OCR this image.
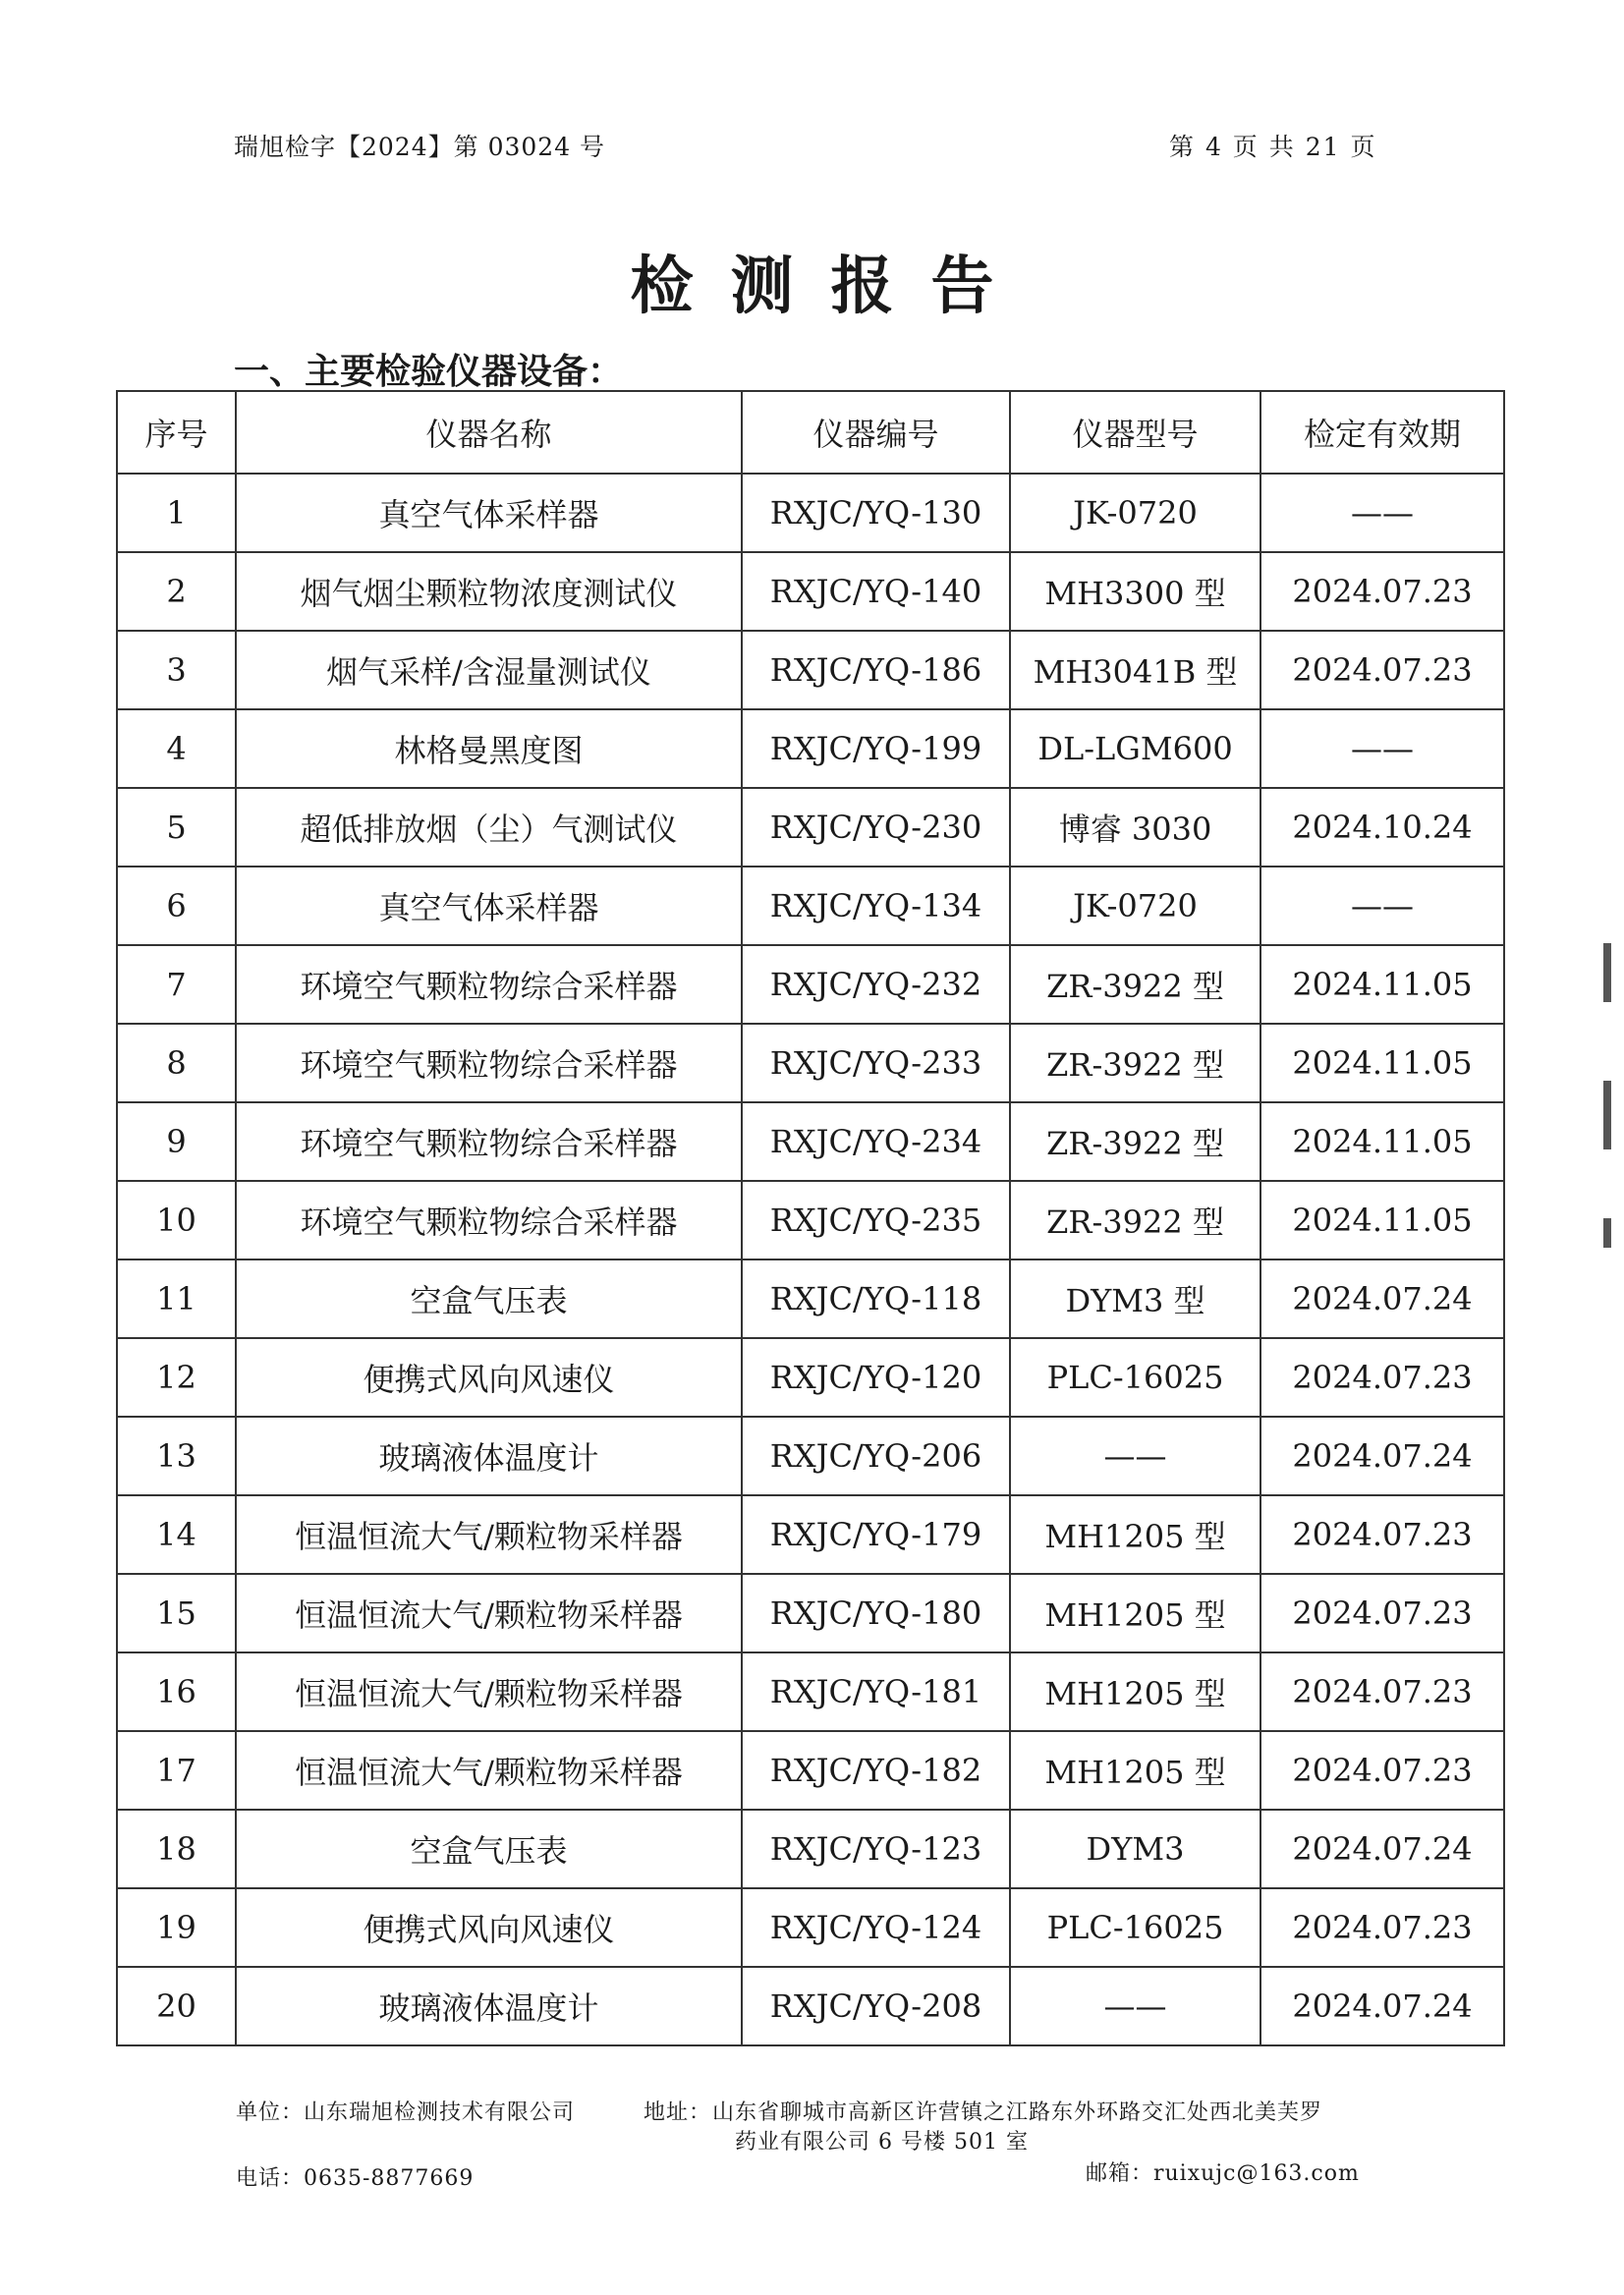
瑞旭检字【2024】第 03024 号	第 4 页 共 21 页
检测报告
一、主要检验仪器设备：
序号	仪器名称	仪器编号	仪器型号	检定有效期
1	真空气体采样器	RXJC/YQ-130	JK-0720	——
2	烟气烟尘颗粒物浓度测试仪	RXJC/YQ-140	MH3300 型	2024.07.23
3	烟气采样/含湿量测试仪	RXJC/YQ-186	MH3041B 型	2024.07.23
4	林格曼黑度图	RXJC/YQ-199	DL-LGM600	——
5	超低排放烟（尘）气测试仪	RXJC/YQ-230	博睿 3030	2024.10.24
6	真空气体采样器	RXJC/YQ-134	JK-0720	——
7	环境空气颗粒物综合采样器	RXJC/YQ-232	ZR-3922 型	2024.11.05
8	环境空气颗粒物综合采样器	RXJC/YQ-233	ZR-3922 型	2024.11.05
9	环境空气颗粒物综合采样器	RXJC/YQ-234	ZR-3922 型	2024.11.05
10	环境空气颗粒物综合采样器	RXJC/YQ-235	ZR-3922 型	2024.11.05
11	空盒气压表	RXJC/YQ-118	DYM3 型	2024.07.24
12	便携式风向风速仪	RXJC/YQ-120	PLC-16025	2024.07.23
13	玻璃液体温度计	RXJC/YQ-206	——	2024.07.24
14	恒温恒流大气/颗粒物采样器	RXJC/YQ-179	MH1205 型	2024.07.23
15	恒温恒流大气/颗粒物采样器	RXJC/YQ-180	MH1205 型	2024.07.23
16	恒温恒流大气/颗粒物采样器	RXJC/YQ-181	MH1205 型	2024.07.23
17	恒温恒流大气/颗粒物采样器	RXJC/YQ-182	MH1205 型	2024.07.23
18	空盒气压表	RXJC/YQ-123	DYM3	2024.07.24
19	便携式风向风速仪	RXJC/YQ-124	PLC-16025	2024.07.23
20	玻璃液体温度计	RXJC/YQ-208	——	2024.07.24
单位：山东瑞旭检测技术有限公司	地址： 山东省聊城市高新区许营镇之江路东外环路交汇处西北美芙罗
药业有限公司 6 号楼 501 室
电话：0635-8877669	邮箱：ruixujc@163.com
